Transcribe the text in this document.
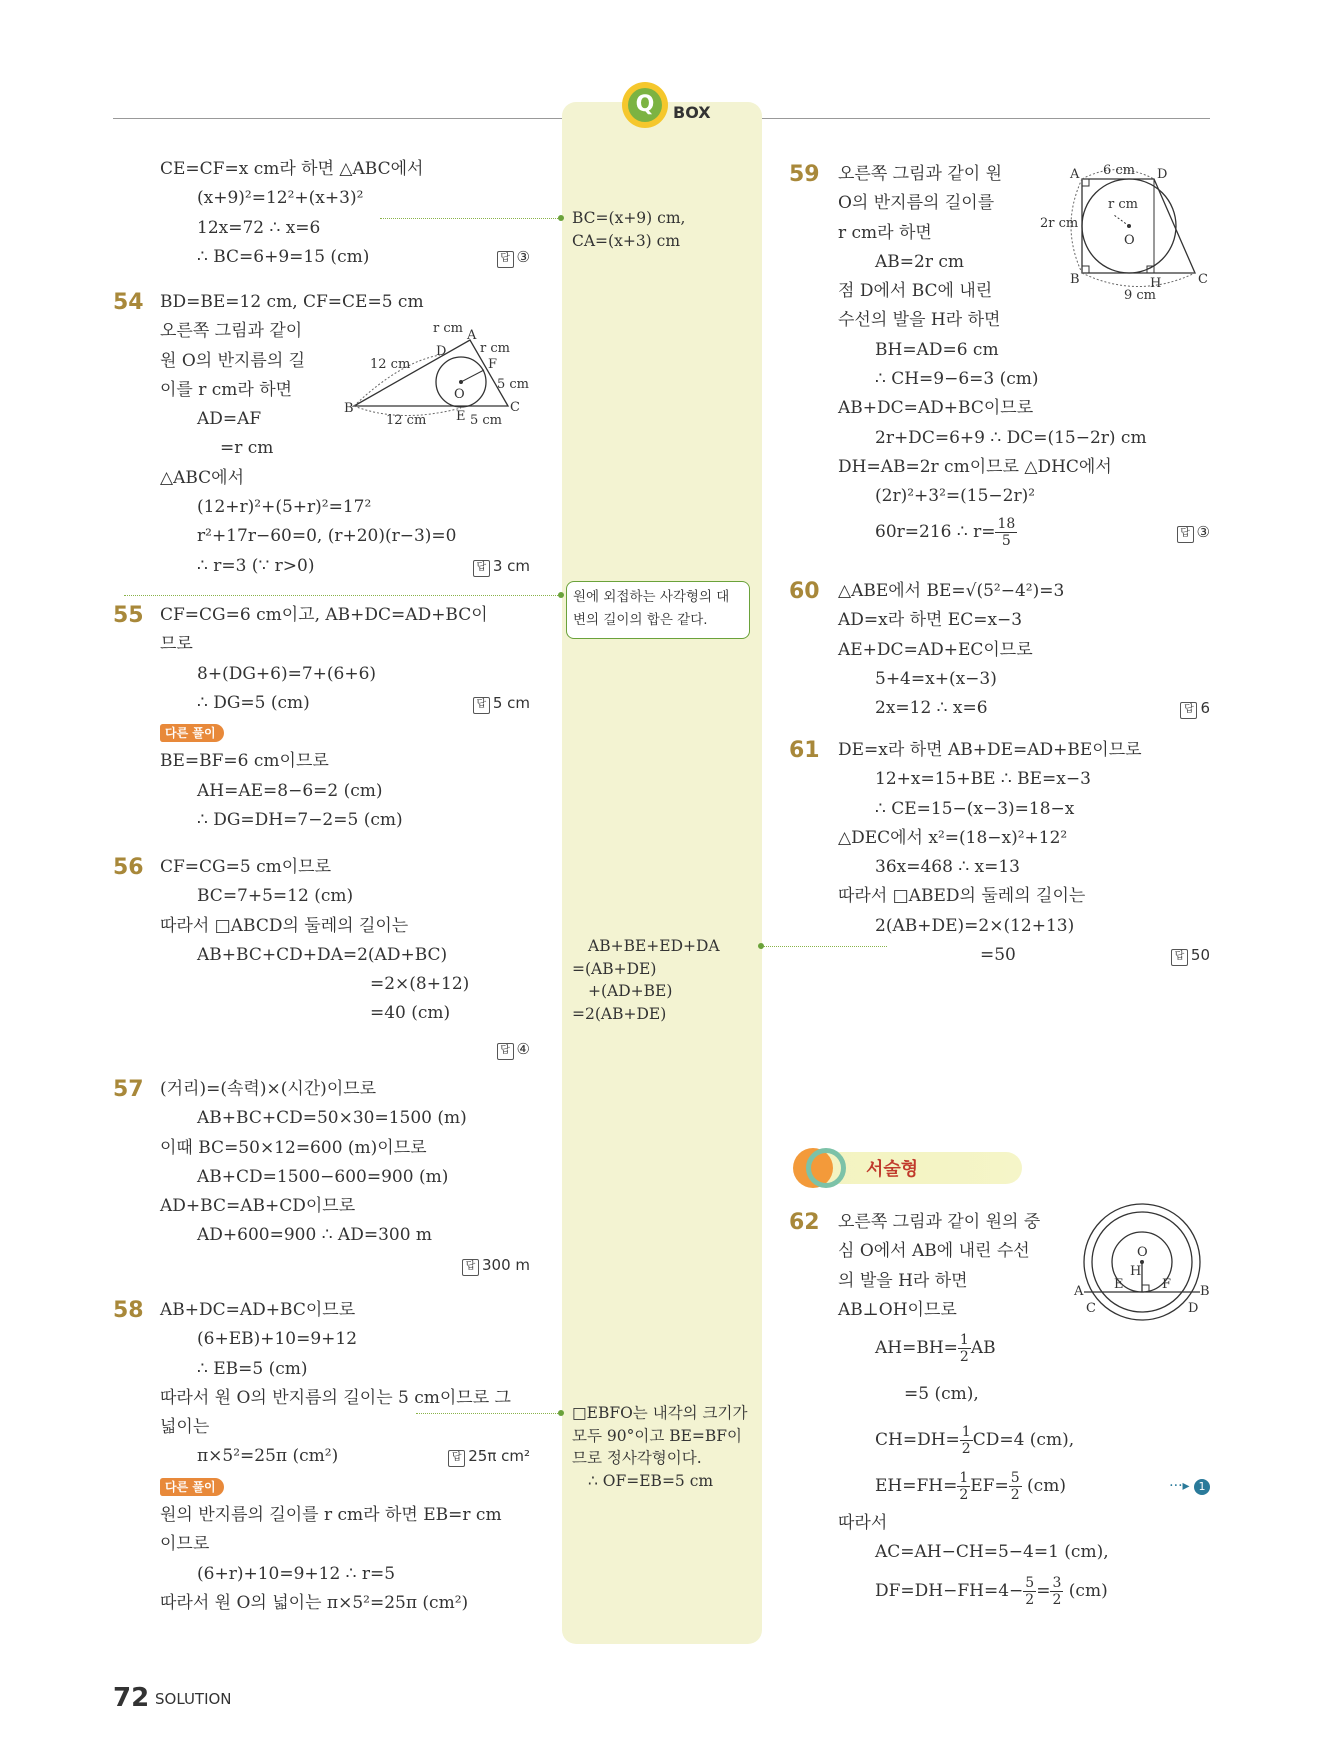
Q	BOX
CE=CF=x cm라 하면 △ABC에서
(x+9)²=12²+(x+3)²
12x=72 ∴ x=6
∴ BC=6+9=15 (cm)	답 ③
54 BD=BE=12 cm, CF=CE=5 cm
오른쪽 그림과 같이
원 O의 반지름의 길
이를 r cm라 하면
AD=AF
=r cm
△ABC에서
(12+r)²+(5+r)²=17²
r²+17r−60=0, (r+20)(r−3)=0
∴ r=3 (∵ r>0)	답 3 cm
B
A
C
D
E
F
O
r cm
r cm
12 cm
12 cm
5 cm
5 cm
55 CF=CG=6 cm이고, AB+DC=AD+BC이
므로
8+(DG+6)=7+(6+6)
∴ DG=5 (cm)	답 5 cm
다른 풀이
BE=BF=6 cm이므로
AH=AE=8−6=2 (cm)
∴ DG=DH=7−2=5 (cm)
56 CF=CG=5 cm이므로
BC=7+5=12 (cm)
따라서 □ABCD의 둘레의 길이는
AB+BC+CD+DA=2(AD+BC)
=2×(8+12)
=40 (cm)
답 ④
57 (거리)=(속력)×(시간)이므로
AB+BC+CD=50×30=1500 (m)
이때 BC=50×12=600 (m)이므로
AB+CD=1500−600=900 (m)
AD+BC=AB+CD이므로
AD+600=900 ∴ AD=300 m
답 300 m
58 AB+DC=AD+BC이므로
(6+EB)+10=9+12
∴ EB=5 (cm)
따라서 원 O의 반지름의 길이는 5 cm이므로 그
넓이는
π×5²=25π (cm²)	답 25π cm²
다른 풀이
원의 반지름의 길이를 r cm라 하면 EB=r cm
이므로
(6+r)+10=9+12 ∴ r=5
따라서 원 O의 넓이는 π×5²=25π (cm²)
BC=(x+9) cm,
CA=(x+3) cm
원에 외접하는 사각형의 대
변의 길이의 합은 같다.
AB+BE+ED+DA
=(AB+DE)
+(AD+BE)
=2(AB+DE)
□EBFO는 내각의 크기가
모두 90°이고 BE=BF이
므로 정사각형이다.
∴ OF=EB=5 cm
59 오른쪽 그림과 같이 원
O의 반지름의 길이를
r cm라 하면
AB=2r cm
점 D에서 BC에 내린
수선의 발을 H라 하면
BH=AD=6 cm
∴ CH=9−6=3 (cm)
AB+DC=AD+BC이므로
2r+DC=6+9 ∴ DC=(15−2r) cm
DH=AB=2r cm이므로 △DHC에서
(2r)²+3²=(15−2r)²
60r=216 ∴ $r= \frac{18}{5}$	답 ③
A	D
B	C
H
O
6 cm
9 cm
2r cm
r cm
60 △ABE에서 BE=√(5²−4²)=3
AD=x라 하면 EC=x−3
AE+DC=AD+EC이므로
5+4=x+(x−3)
2x=12 ∴ x=6	답 6
61 DE=x라 하면 AB+DE=AD+BE이므로
12+x=15+BE ∴ BE=x−3
∴ CE=15−(x−3)=18−x
△DEC에서 x²=(18−x)²+12²
36x=468 ∴ x=13
따라서 □ABED의 둘레의 길이는
2(AB+DE)=2×(12+13)
=50	답 50
서술형
62 오른쪽 그림과 같이 원의 중
심 O에서 AB에 내린 수선
의 발을 H라 하면
AB⊥OH이므로
$AH=BH= \frac{1}{2}$ AB
=5 (cm),
$CH=DH= \frac{1}{2} CD=4$ (cm),
$EH=FH= \frac{1}{2} EF= \frac{5}{2} (cm)$	···▸ 1
따라서
AC=AH−CH=5−4=1 (cm),
$DF=DH-FH=4- \frac{5}{2} = \frac{3}{2} (cm)$
O
H
A	B
C	D
E	F
72 SOLUTION
